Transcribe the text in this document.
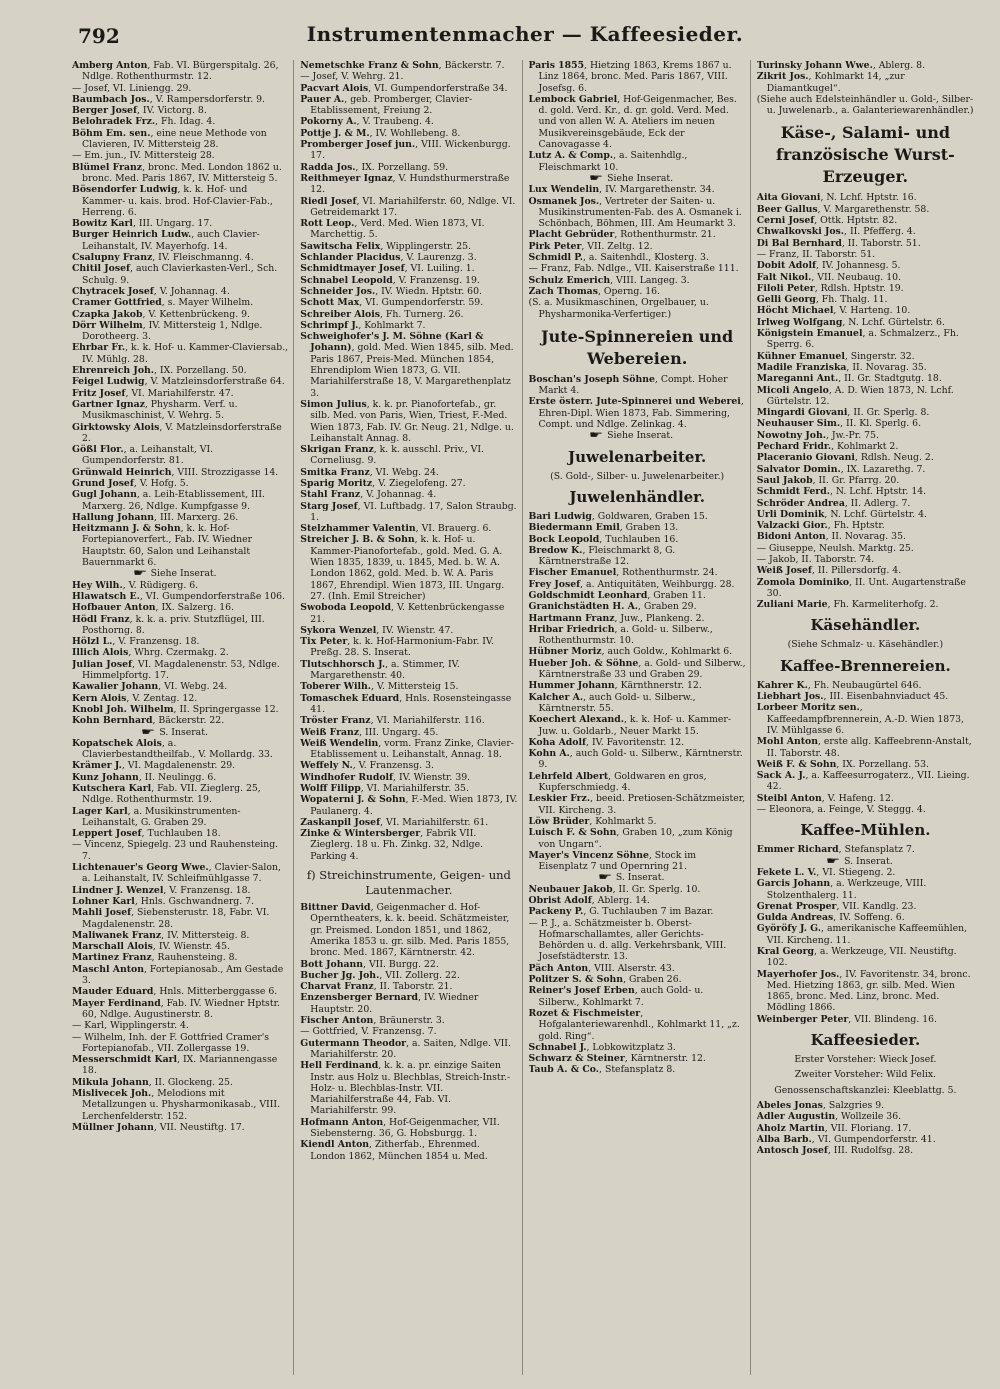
792	Instrumentenmacher — Kaffeesieder.

Amberg Anton, Fab. VI. Bürgerspitalg. 26, Ndlge. Rothenthurmstr. 12.

— Josef, VI. Liniengg. 29.

Baumbach Jos., V. Rampersdorferstr. 9.

Berger Josef, IV. Victorg. 8.

Belohradek Frz., Fh. Idag. 4.

Böhm Em. sen., eine neue Methode von Clavieren, IV. Mittersteig 28.

— Em. jun., IV. Mittersteig 28.

Blümel Franz, bronc. Med. London 1862 u. bronc. Med. Paris 1867, IV. Mittersteig 5.

Bösendorfer Ludwig, k. k. Hof- und Kammer- u. kais. brod. Hof-Clavier-Fab., Herreng. 6.

Bowitz Karl, III. Ungarg. 17.

Burger Heinrich Ludw., auch Clavier-Leihanstalt, IV. Mayerhofg. 14.

Csalupny Franz, IV. Fleischmanng. 4.

Chitil Josef, auch Clavierkasten-Verl., Sch. Schulg. 9.

Chytracek Josef, V. Johannag. 4.

Cramer Gottfried, s. Mayer Wilhelm.

Czapka Jakob, V. Kettenbrückeng. 9.

Dörr Wilhelm, IV. Mittersteig 1, Ndlge. Dorotheerg. 3.

Ehrbar Fr., k. k. Hof- u. Kammer-Claviersab., IV. Mühlg. 28.

Ehrenreich Joh., IX. Porzellang. 50.

Feigel Ludwig, V. Matzleinsdorferstraße 64.

Fritz Josef, VI. Mariahilferstr. 47.

Gartner Ignaz, Physharm. Verf. u. Musikmaschinist, V. Wehrg. 5.

Girktowsky Alois, V. Matzleinsdorferstraße 2.

Gößl Flor., a. Leihanstalt, VI. Gumpendorferstr. 81.

Grünwald Heinrich, VIII. Strozzigasse 14.

Grund Josef, V. Hofg. 5.

Gugl Johann, a. Leih-Etablissement, III. Marxerg. 26, Ndlge. Kumpfgasse 9.

Hallung Johann, III. Marxerg. 26.

Heitzmann J. & Sohn, k. k. Hof-Fortepianoverfert., Fab. IV. Wiedner Hauptstr. 60, Salon und Leihanstalt Bauernmarkt 6.

☛ Siehe Inserat.

Hey Wilh., V. Rüdigerg. 6.

Hlawatsch E., VI. Gumpendorferstraße 106.

Hofbauer Anton, IX. Salzerg. 16.

Hödl Franz, k. k. a. priv. Stutzflügel, III. Posthorng. 8.

Hölzl L., V. Franzensg. 18.

Illich Alois, Whrg. Czermakg. 2.

Julian Josef, VI. Magdalenenstr. 53, Ndlge. Himmelpfortg. 17.

Kawalier Johann, VI. Webg. 24.

Kern Alois, V. Zentag. 12.

Knobl Joh. Wilhelm, II. Springergasse 12.

Kohn Bernhard, Bäckerstr. 22.

☛ S. Inserat.

Kopatschek Alois, a. Clavierbestandtheilfab., V. Mollardg. 33.

Krämer J., VI. Magdalenenstr. 29.

Kunz Johann, II. Neulingg. 6.

Kutschera Karl, Fab. VII. Zieglerg. 25, Ndlge. Rothenthurmstr. 19.

Lager Karl, a. Musikinstrumenten-Leihanstalt, G. Graben 29.

Leppert Josef, Tuchlauben 18.

— Vincenz, Spiegelg. 23 und Rauhensteing. 7.

Lichtenauer's Georg Wwe., Clavier-Salon, a. Leihanstalt, IV. Schleifmühlgasse 7.

Lindner J. Wenzel, V. Franzensg. 18.

Lohner Karl, Hnls. Gschwandnerg. 7.

Mahli Josef, Siebensterustr. 18, Fabr. VI. Magdalenenstr. 28.

Maliwanek Franz, IV. Mittersteig. 8.

Marschall Alois, IV. Wienstr. 45.

Martinez Franz, Rauhensteing. 8.

Maschl Anton, Fortepianosab., Am Gestade 3.

Mauder Eduard, Hnls. Mitterberggasse 6.

Mayer Ferdinand, Fab. IV. Wiedner Hptstr. 60, Ndlge. Augustinerstr. 8.

— Karl, Wipplingerstr. 4.

— Wilhelm, Inh. der F. Gottfried Cramer's Fortepianofab., VII. Zollergasse 19.

Messerschmidt Karl, IX. Mariannengasse 18.

Mikula Johann, II. Glockeng. 25.

Mislivecek Joh., Melodions mit Metallzungen u. Physharmonikasab., VIII. Lerchenfelderstr. 152.

Müllner Johann, VII. Neustiftg. 17.

Nemetschke Franz & Sohn, Bäckerstr. 7.

— Josef, V. Wehrg. 21.

Pacvart Alois, VI. Gumpendorferstraße 34.

Pauer A., geb. Promberger, Clavier-Etablissement, Freiung 2.

Pokorny A., V. Traubeng. 4.

Pottje J. & M., IV. Wohllebeng. 8.

Promberger Josef jun., VIII. Wickenburgg. 17.

Radda Jos., IX. Porzellang. 59.

Reithmeyer Ignaz, V. Hundsthurmerstraße 12.

Riedl Josef, VI. Mariahilferstr. 60, Ndlge. VI. Getreidemarkt 17.

Rott Leop., Verd. Med. Wien 1873, VI. Marchettig. 5.

Sawitscha Felix, Wipplingerstr. 25.

Schlander Placidus, V. Laurenzg. 3.

Schmidtmayer Josef, VI. Luiling. 1.

Schnabel Leopold, V. Franzensg. 19.

Schneider Jos., IV. Wiedn. Hptstr. 60.

Schott Max, VI. Gumpendorferstr. 59.

Schreiber Alois, Fh. Turnerg. 26.

Schrimpf J., Kohlmarkt 7.

Schweighofer's J. M. Söhne (Karl & Johann), gold. Med. Wien 1845, silb. Med. Paris 1867, Preis-Med. München 1854, Ehrendiplom Wien 1873, G. VII. Mariahilferstraße 18, V. Margarethenplatz 3.

Simon Julius, k. k. pr. Pianofortefab., gr. silb. Med. von Paris, Wien, Triest, F.-Med. Wien 1873, Fab. IV. Gr. Neug. 21, Ndlge. u. Leihanstalt Annag. 8.

Skrigan Franz, k. k. ausschl. Priv., VI. Corneliusg. 9.

Smitka Franz, VI. Webg. 24.

Sparig Moritz, V. Ziegelofeng. 27.

Stahl Franz, V. Johannag. 4.

Starg Josef, VI. Luftbadg. 17, Salon Straubg. 1.

Stelzhammer Valentin, VI. Brauerg. 6.

Streicher J. B. & Sohn, k. k. Hof- u. Kammer-Pianofortefab., gold. Med. G. A. Wien 1835, 1839, u. 1845, Med. b. W. A. London 1862, gold. Med. b. W. A. Paris 1867, Ehrendipl. Wien 1873, III. Ungarg. 27. (Inh. Emil Streicher)

Swoboda Leopold, V. Kettenbrückengasse 21.

Sykora Wenzel, IV. Wienstr. 47.

Tix Peter, k. k. Hof-Harmonium-Fabr. IV. Preßg. 28. S. Inserat.

Tlutschhorsch J., a. Stimmer, IV. Margarethenstr. 40.

Toberer Wilh., V. Mittersteig 15.

Tomaschek Eduard, Hnls. Rosensteingasse 41.

Tröster Franz, VI. Mariahilferstr. 116.

Weiß Franz, III. Ungarg. 45.

Weiß Wendelin, vorm. Franz Zinke, Clavier-Etablissement u. Leihanstalt, Annag. 18.

Weffely N., V. Franzensg. 3.

Windhofer Rudolf, IV. Wienstr. 39.

Wolff Filipp, VI. Mariahilferstr. 35.

Wopaterni J. & Sohn, F.-Med. Wien 1873, IV. Paulanerg. 4.

Zaskanpil Josef, VI. Mariahilferstr. 61.

Zinke & Wintersberger, Fabrik VII. Zieglerg. 18 u. Fh. Zinkg. 32, Ndlge. Parking 4.

f) Streichinstrumente, Geigen- und Lautenmacher.

Bittner David, Geigenmacher d. Hof-Operntheaters, k. k. beeid. Schätzmeister, gr. Preismed. London 1851, und 1862, Amerika 1853 u. gr. silb. Med. Paris 1855, bronc. Med. 1867, Kärntnerstr. 42.

Bott Johann, VII. Burgg. 22.

Bucher Jg. Joh., VII. Zollerg. 22.

Charvat Franz, II. Taborstr. 21.

Enzensberger Bernard, IV. Wiedner Hauptstr. 20.

Fischer Anton, Bräunerstr. 3.

— Gottfried, V. Franzensg. 7.

Gutermann Theodor, a. Saiten, Ndlge. VII. Mariahilferstr. 20.

Hell Ferdinand, k. k. a. pr. einzige Saiten Instr. aus Holz u. Blechblas, Streich-Instr.-Holz- u. Blechblas-Instr. VII. Mariahilferstraße 44, Fab. VI. Mariahilferstr. 99.

Hofmann Anton, Hof-Geigenmacher, VII. Siebensterng. 36, G. Hobsburgg. 1.

Kiendl Anton, Zitherfab., Ehrenmed. London 1862, München 1854 u. Med.

Paris 1855, Hietzing 1863, Krems 1867 u. Linz 1864, bronc. Med. Paris 1867, VIII. Josefsg. 6.

Lembock Gabriel, Hof-Geigenmacher, Bes. d. gold. Verd. Kr., d. gr. gold. Verd. Med. und von allen W. A. Ateliers im neuen Musikvereinsgebäude, Eck der Canovagasse 4.

Lutz A. & Comp., a. Saitenhdlg., Fleischmarkt 10.

☛ Siehe Inserat.

Lux Wendelin, IV. Margarethenstr. 34.

Osmanek Jos., Vertreter der Saiten- u. Musikinstrumenten-Fab. des A. Osmanek i. Schönbach, Böhmen, III. Am Heumarkt 3.

Placht Gebrüder, Rothenthurmstr. 21.

Pirk Peter, VII. Zeltg. 12.

Schmidl P., a. Saitenhdl., Klosterg. 3.

— Franz, Fab. Ndlge., VII. Kaiserstraße 111.

Schulz Emerich, VIII. Langeg. 3.

Zach Thomas, Operng. 16.

(S. a. Musikmaschinen, Orgelbauer, u. Physharmonika-Verfertiger.)

Jute-Spinnereien und Webereien.

Boschan's Joseph Söhne, Compt. Hoher Markt 4.

Erste österr. Jute-Spinnerei und Weberei, Ehren-Dipl. Wien 1873, Fab. Simmering, Compt. und Ndlge. Zelinkag. 4.

☛ Siehe Inserat.

Juwelenarbeiter.
(S. Gold-, Silber- u. Juwelenarbeiter.)
Juwelenhändler.

Bari Ludwig, Goldwaren, Graben 15.

Biedermann Emil, Graben 13.

Bock Leopold, Tuchlauben 16.

Bredow K., Fleischmarkt 8, G. Kärntnerstraße 12.

Fischer Emanuel, Rothenthurmstr. 24.

Frey Josef, a. Antiquitäten, Weihburgg. 28.

Goldschmidt Leonhard, Graben 11.

Granichstädten H. A., Graben 29.

Hartmann Franz, Juw., Plankeng. 2.

Hribar Friedrich, a. Gold- u. Silberw., Rothenthurmstr. 10.

Hübner Moriz, auch Goldw., Kohlmarkt 6.

Hueber Joh. & Söhne, a. Gold- und Silberw., Kärntnerstraße 33 und Graben 29.

Hummer Johann, Kärnthnerstr. 12.

Kalcher A., auch Gold- u. Silberw., Kärntnerstr. 55.

Koechert Alexand., k. k. Hof- u. Kammer-Juw. u. Goldarb., Neuer Markt 15.

Koha Adolf, IV. Favoritenstr. 12.

Kohn A., auch Gold- u. Silberw., Kärntnerstr. 9.

Lehrfeld Albert, Goldwaren en gros, Kupferschmiedg. 4.

Leskier Frz., beeid. Pretiosen-Schätzmeister, VII. Kircheng. 3.

Löw Brüder, Kohlmarkt 5.

Luisch F. & Sohn, Graben 10, „zum König von Ungarn“.

Mayer's Vincenz Söhne, Stock im Eisenplatz 7 und Opernring 21.

☛ S. Inserat.

Neubauer Jakob, II. Gr. Sperlg. 10.

Obrist Adolf, Ablerg. 14.

Packeny P., G. Tuchlauben 7 im Bazar.

— P. J., a. Schätzmeister b. Oberst-Hofmarschallamtes, aller Gerichts-Behörden u. d. allg. Verkehrsbank, VIII. Josefstädterstr. 13.

Päch Anton, VIII. Alserstr. 43.

Politzer S. & Sohn, Graben 26.

Reiner's Josef Erben, auch Gold- u. Silberw., Kohlmarkt 7.

Rozet & Fischmeister, Hofgalanteriewarenhdl., Kohlmarkt 11, „z. gold. Ring“.

Schnabel J., Lobkowitzplatz 3.

Schwarz & Steiner, Kärntnerstr. 12.

Taub A. & Co., Stefansplatz 8.

Turinsky Johann Wwe., Ablerg. 8.

Zikrit Jos., Kohlmarkt 14, „zur Diamantkugel“.

(Siehe auch Edelsteinhändler u. Gold-, Silber- u. Juwelenarb., a. Galanteriewarenhändler.)

Käse-, Salami- und französische Wurst-Erzeuger.

Aita Giovani, N. Lchf. Hptstr. 16.

Beer Gallus, V. Margarethenstr. 58.

Cerni Josef, Ottk. Hptstr. 82.

Chwalkovski Jos., II. Pfefferg. 4.

Di Bal Bernhard, II. Taborstr. 51.

— Franz, II. Taborstr. 51.

Dobit Adolf, IV. Johannesg. 5.

Falt Nikol., VII. Neubaug. 10.

Filoli Peter, Rdlsh. Hptstr. 19.

Gelli Georg, Fh. Thalg. 11.

Höcht Michael, V. Harteng. 10.

Irlweg Wolfgang, N. Lchf. Gürtelstr. 6.

Königstein Emanuel, a. Schmalzerz., Fh. Sperrg. 6.

Kühner Emanuel, Singerstr. 32.

Madile Franziska, II. Novarag. 35.

Mareganni Ant., II. Gr. Stadtgutg. 18.

Micoli Angelo, A. D. Wien 1873, N. Lchf. Gürtelstr. 12.

Mingardi Giovani, II. Gr. Sperlg. 8.

Neuhauser Sim., II. Kl. Sperlg. 6.

Nowotny Joh., Jw.-Pr. 75.

Pechard Fridr., Kohlmarkt 2.

Placeranio Giovani, Rdlsh. Neug. 2.

Salvator Domin., IX. Lazarethg. 7.

Saul Jakob, II. Gr. Pfarrg. 20.

Schmidt Ferd., N. Lchf. Hptstr. 14.

Schröder Andrea, II. Adlerg. 7.

Urli Dominik, N. Lchf. Gürtelstr. 4.

Valzacki Gior., Fh. Hptstr.

Bidoni Anton, II. Novarag. 35.

— Giuseppe, Neulsh. Marktg. 25.

— Jakob, II. Taborstr. 74.

Weiß Josef, II. Pillersdorfg. 4.

Zomola Dominiko, II. Unt. Augartenstraße 30.

Zuliani Marie, Fh. Karmeliterhofg. 2.

Käsehändler.
(Siehe Schmalz- u. Käsehändler.)
Kaffee-Brennereien.

Kahrer K., Fh. Neubaugürtel 646.

Liebhart Jos., III. Eisenbahnviaduct 45.

Lorbeer Moritz sen., Kaffeedampfbrennerein, A.-D. Wien 1873, IV. Mühlgasse 6.

Mohl Anton, erste allg. Kaffeebrenn-Anstalt, II. Taborstr. 48.

Weiß F. & Sohn, IX. Porzellang. 53.

Sack A. J., a. Kaffeesurrogaterz., VII. Lieing. 42.

Steibl Anton, V. Hafeng. 12.

— Eleonora, a. Feinge, V. Steggg. 4.

Kaffee-Mühlen.

Emmer Richard, Stefansplatz 7.

☛ S. Inserat.

Fekete L. V., VI. Stiegeng. 2.

Garcis Johann, a. Werkzeuge, VIII. Stolzenthalerg. 11.

Grenat Prosper, VII. Kandlg. 23.

Gulda Andreas, IV. Soffeng. 6.

Györöfy J. G., amerikanische Kaffeemühlen, VII. Kircheng. 11.

Kral Georg, a. Werkzeuge, VII. Neustiftg. 102.

Mayerhofer Jos., IV. Favoritenstr. 34, bronc. Med. Hietzing 1863, gr. silb. Med. Wien 1865, bronc. Med. Linz, bronc. Med. Mödling 1866.

Weinberger Peter, VII. Blindeng. 16.

Kaffeesieder.
Erster Vorsteher: Wieck Josef.
Zweiter Vorsteher: Wild Felix.
Genossenschaftskanzlei: Kleeblattg. 5.

Abeles Jonas, Salzgries 9.

Adler Augustin, Wollzeile 36.

Aholz Martin, VII. Floriang. 17.

Alba Barb., VI. Gumpendorferstr. 41.

Antosch Josef, III. Rudolfsg. 28.
